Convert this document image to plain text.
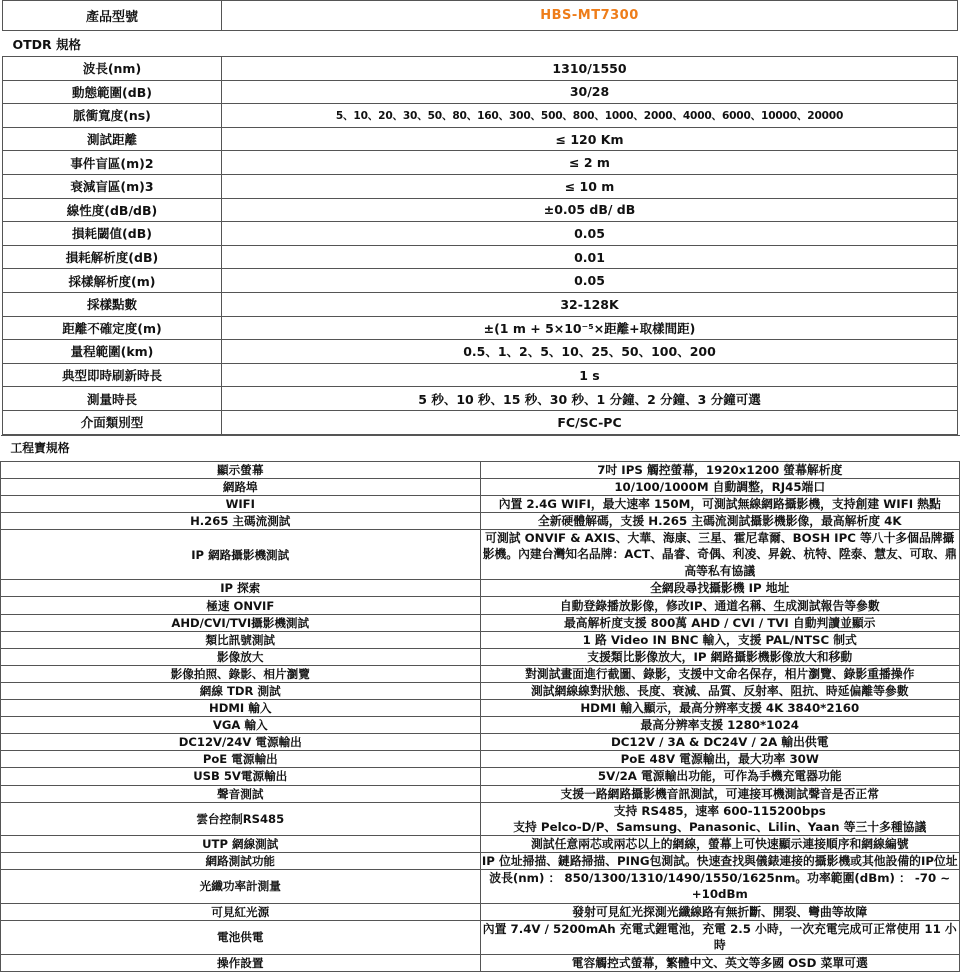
產品型號	HBS-MT7300
OTDR 規格	
波長(nm)	1310/1550
動態範圍(dB)	30/28
脈衝寬度(ns)	5、10、20、30、50、80、160、300、500、800、1000、2000、4000、6000、10000、20000
測試距離	≤ 120 Km
事件盲區(m)2	≤ 2 m
衰減盲區(m)3	≤ 10 m
線性度(dB/dB)	±0.05 dB/ dB
損耗閾值(dB)	0.05
損耗解析度(dB)	0.01
採樣解析度(m)	0.05
採樣點數	32-128K
距離不確定度(m)	±(1 m + 5×10⁻⁵×距離+取樣間距)
量程範圍(km)	0.5、1、2、5、10、25、50、100、200
典型即時刷新時長	1 s
測量時長	5 秒、10 秒、15 秒、30 秒、1 分鐘、2 分鐘、3 分鐘可選
介面類別型	FC/SC-PC
工程寶規格	
顯示螢幕	7吋 IPS 觸控螢幕，1920x1200 螢幕解析度
網路埠	10/100/1000M 自動調整，RJ45端口
WIFI	內置 2.4G WIFI，最大速率 150M，可測試無線網路攝影機，支持創建 WIFI 熱點
H.265 主碼流測試	全新硬體解碼，支援 H.265 主碼流測試攝影機影像，最高解析度 4K
IP 網路攝影機測試	可測試 ONVIF & AXIS、大華、海康、三星、霍尼韋爾、BOSH IPC 等八十多個品牌攝影機。內建台灣知名品牌：ACT、晶睿、奇偶、利凌、昇銳、杭特、陞泰、慧友、可取、鼎高等私有協議
IP 探索	全網段尋找攝影機 IP 地址
極速 ONVIF	自動登錄播放影像，修改IP、通道名稱、生成測試報告等參數
AHD/CVI/TVI攝影機測試	最高解析度支援 800萬 AHD / CVI / TVI 自動判讀並顯示
類比訊號測試	1 路 Video IN BNC 輸入，支援 PAL/NTSC 制式
影像放大	支援類比影像放大，IP 網路攝影機影像放大和移動
影像拍照、錄影、相片瀏覽	對測試畫面進行截圖、錄影，支援中文命名保存，相片瀏覽、錄影重播操作
網線 TDR 測試	測試網線線對狀態、長度、衰減、品質、反射率、阻抗、時延偏離等參數
HDMI 輸入	HDMI 輸入顯示，最高分辨率支援 4K 3840*2160
VGA 輸入	最高分辨率支援 1280*1024
DC12V/24V 電源輸出	DC12V / 3A & DC24V / 2A 輸出供電
PoE 電源輸出	PoE 48V 電源輸出，最大功率 30W
USB 5V電源輸出	5V/2A 電源輸出功能，可作為手機充電器功能
聲音測試	支援一路網路攝影機音訊測試，可連接耳機測試聲音是否正常
雲台控制RS485	支持 RS485，速率 600-115200bps
支持 Pelco-D/P、Samsung、Panasonic、Lilin、Yaan 等三十多種協議

UTP 網線測試	測試任意兩芯或兩芯以上的網線，螢幕上可快速顯示連接順序和網線編號
網路測試功能	IP 位址掃描、鏈路掃描、PING包測試。快速查找與儀錶連接的攝影機或其他設備的IP位址
光纖功率計測量	波長(nm) ： 850/1300/1310/1490/1550/1625nm。功率範圍(dBm) ： -70 ~ +10dBm
可見紅光源	發射可見紅光探測光纖線路有無折斷、開裂、彎曲等故障
電池供電	內置 7.4V / 5200mAh 充電式鋰電池，充電 2.5 小時，一次充電完成可正常使用 11 小時
操作設置	電容觸控式螢幕，繁體中文、英文等多國 OSD 菜單可選
